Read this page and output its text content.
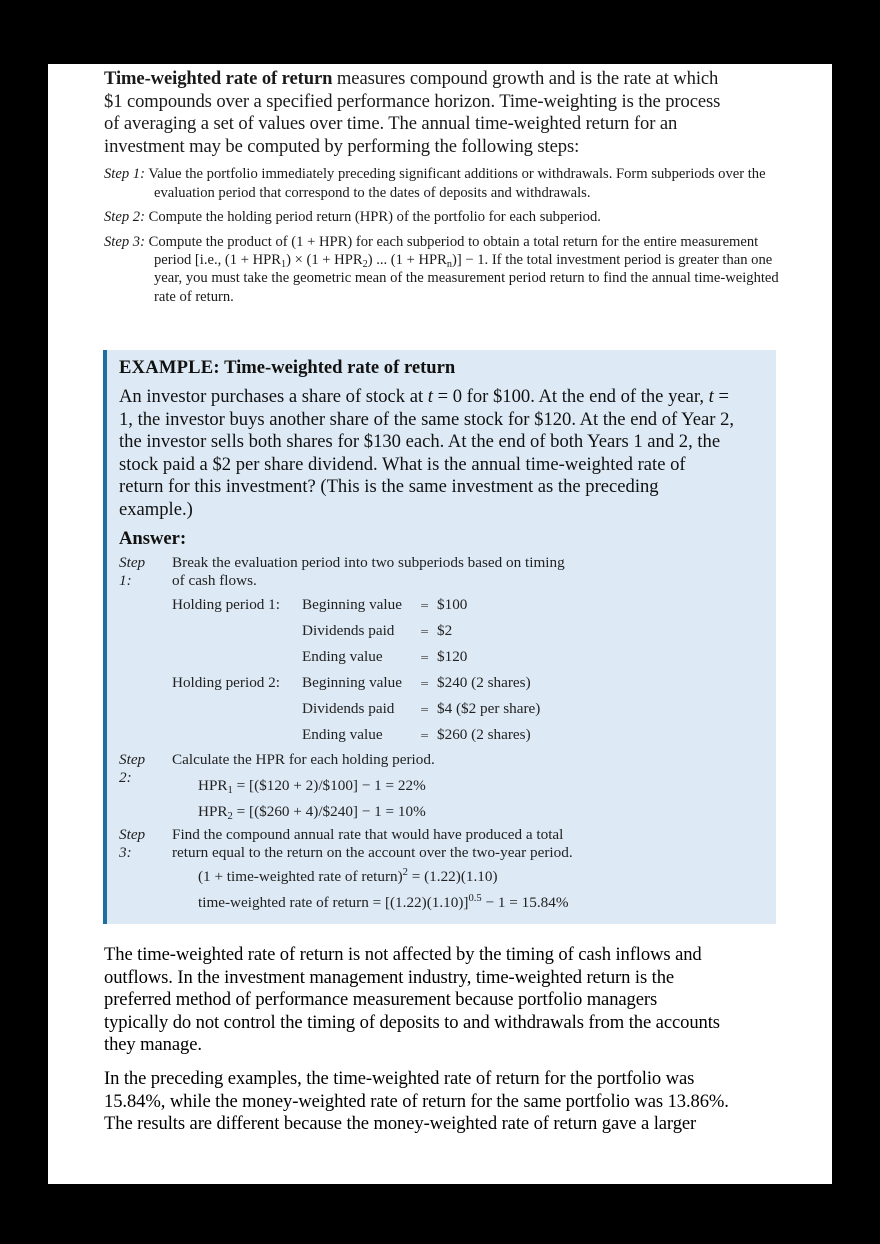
Time-weighted rate of return measures compound growth and is the rate at which
$1 compounds over a specified performance horizon. Time-weighting is the process
of averaging a set of values over time. The annual time-weighted return for an
investment may be computed by performing the following steps:

Step 1: Value the portfolio immediately preceding significant additions or withdrawals. Form subperiods over the evaluation period that correspond to the dates of deposits and withdrawals.

Step 2: Compute the holding period return (HPR) of the portfolio for each subperiod.

Step 3: Compute the product of (1 + HPR) for each subperiod to obtain a total return for the entire measurement period [i.e., $(1 + HPR_1) \times (1 + HPR_2)$ ... $(1 + HPR_n)] - 1$. If the total investment period is greater than one year, you must take the geometric mean of the measurement period return to find the annual time-weighted rate of return.

EXAMPLE: Time-weighted rate of return
An investor purchases a share of stock at t = 0 for $100. At the end of the year, t =
1, the investor buys another share of the same stock for $120. At the end of Year 2,
the investor sells both shares for $130 each. At the end of both Years 1 and 2, the
stock paid a $2 per share dividend. What is the annual time-weighted rate of
return for this investment? (This is the same investment as the preceding
example.)
Answer:
Step 1:
Break the evaluation period into two subperiods based on timing
of cash flows.
Holding period 1: Beginning value = $100
Dividends paid = $2
Ending value	= $120
Holding period 2: Beginning value = $240 (2 shares)
Dividends paid = $4 ($2 per share)
Ending value	= $260 (2 shares)
Step 2:
Calculate the HPR for each holding period.
$HPR_1$ = [($120 + 2)/$100] − 1 = 22%
$HPR_2$ = [($260 + 4)/$240] − 1 = 10%
Step 3:
Find the compound annual rate that would have produced a total
return equal to the return on the account over the two-year period.
(1 + time-weighted rate of return)$^2$ = (1.22)(1.10)
time-weighted rate of return = $[(1.22)(1.10)]^{0.5} - 1 = 15.84\%$
The time-weighted rate of return is not affected by the timing of cash inflows and
outflows. In the investment management industry, time-weighted return is the
preferred method of performance measurement because portfolio managers
typically do not control the timing of deposits to and withdrawals from the accounts
they manage.
In the preceding examples, the time-weighted rate of return for the portfolio was
15.84%, while the money-weighted rate of return for the same portfolio was 13.86%.
The results are different because the money-weighted rate of return gave a larger
